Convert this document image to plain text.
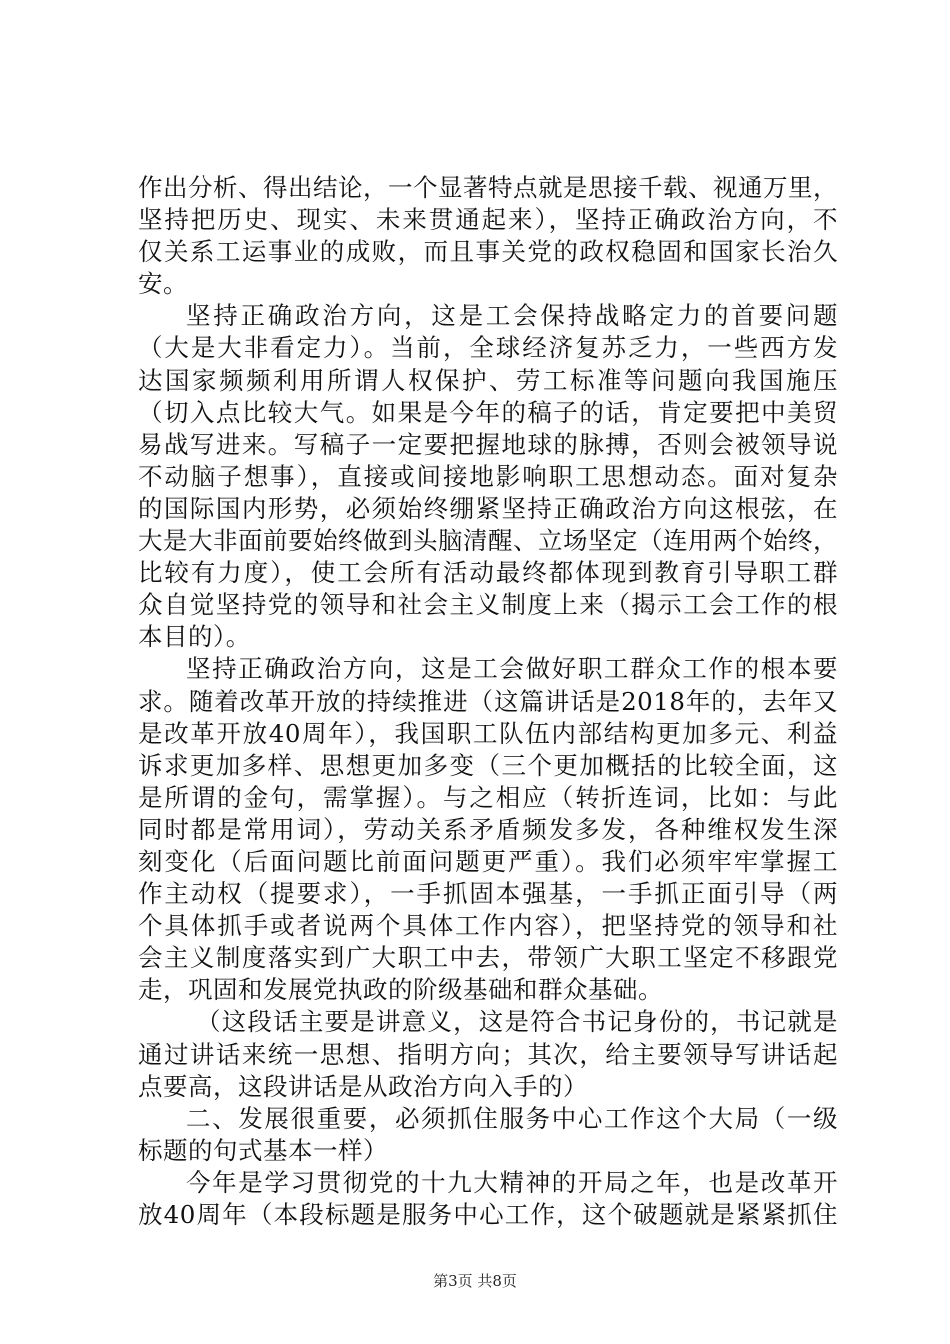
作出分析、得出结论，一个显著特点就是思接千载、视通万里，
坚持把历史、现实、未来贯通起来），坚持正确政治方向，不
仅关系工运事业的成败，而且事关党的政权稳固和国家长治久
安。
坚持正确政治方向，这是工会保持战略定力的首要问题
（大是大非看定力）。当前，全球经济复苏乏力，一些西方发
达国家频频利用所谓人权保护、劳工标准等问题向我国施压
（切入点比较大气。如果是今年的稿子的话，肯定要把中美贸
易战写进来。写稿子一定要把握地球的脉搏，否则会被领导说
不动脑子想事），直接或间接地影响职工思想动态。面对复杂
的国际国内形势，必须始终绷紧坚持正确政治方向这根弦，在
大是大非面前要始终做到头脑清醒、立场坚定（连用两个始终，
比较有力度），使工会所有活动最终都体现到教育引导职工群
众自觉坚持党的领导和社会主义制度上来（揭示工会工作的根
本目的）。
坚持正确政治方向，这是工会做好职工群众工作的根本要
求。随着改革开放的持续推进（这篇讲话是2018年的，去年又
是改革开放40周年），我国职工队伍内部结构更加多元、利益
诉求更加多样、思想更加多变（三个更加概括的比较全面，这
是所谓的金句，需掌握）。与之相应（转折连词，比如：与此
同时都是常用词），劳动关系矛盾频发多发，各种维权发生深
刻变化（后面问题比前面问题更严重）。我们必须牢牢掌握工
作主动权（提要求），一手抓固本强基，一手抓正面引导（两
个具体抓手或者说两个具体工作内容），把坚持党的领导和社
会主义制度落实到广大职工中去，带领广大职工坚定不移跟党
走，巩固和发展党执政的阶级基础和群众基础。
（这段话主要是讲意义，这是符合书记身份的，书记就是
通过讲话来统一思想、指明方向；其次，给主要领导写讲话起
点要高，这段讲话是从政治方向入手的）
二、发展很重要，必须抓住服务中心工作这个大局（一级
标题的句式基本一样）
今年是学习贯彻党的十九大精神的开局之年，也是改革开
放40周年（本段标题是服务中心工作，这个破题就是紧紧抓住
第3页 共8页
